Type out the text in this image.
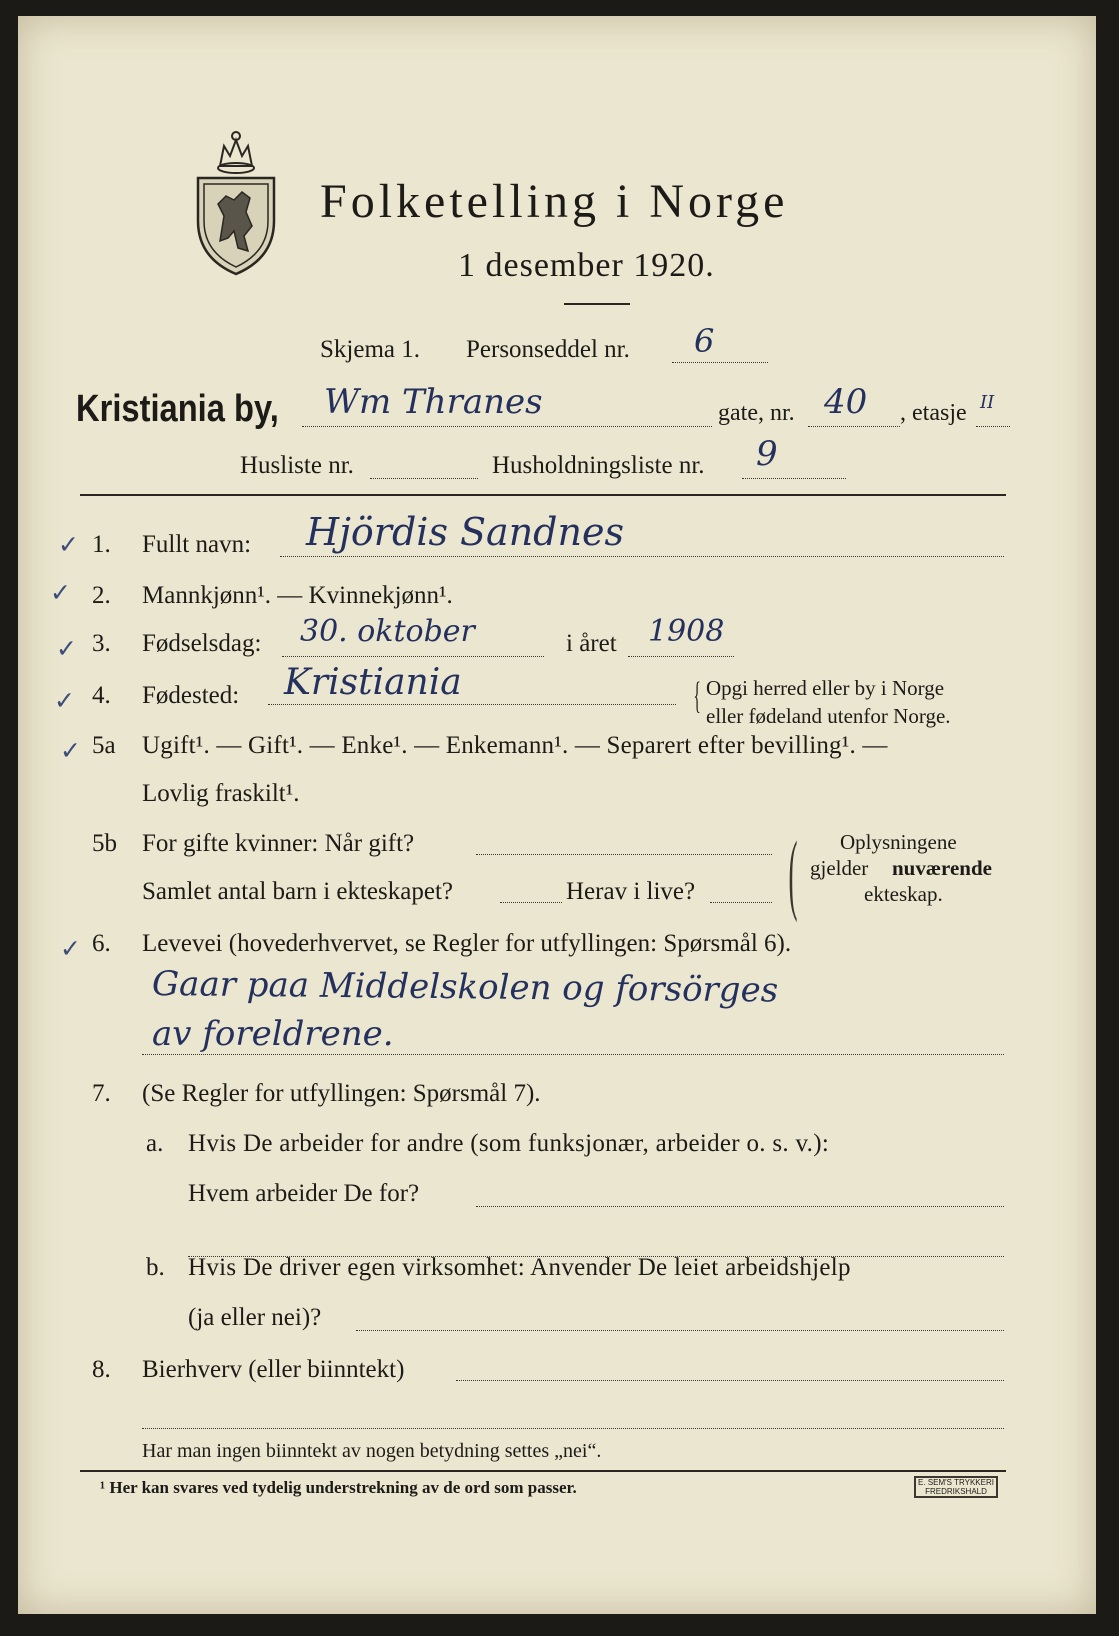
Folketelling i Norge
1 desember 1920.
Skjema 1. Personseddel nr. 6
Kristiania by, Wm Thranes	gate, nr. 40 , etasje II
Husliste nr.	Husholdningsliste nr. 9
✓ 1. Fullt navn: Hjördis Sandnes
✓ 2. Mannkjønn¹. — Kvinnekjønn¹.
✓ 3. Fødselsdag: 30. oktober	i året 1908
✓ 4. Fødested: Kristiania	{ Opgi herred eller by i Norge
eller fødeland utenfor Norge.
✓ 5a Ugift¹. — Gift¹. — Enke¹. — Enkemann¹. — Separert efter bevilling¹. —
Lovlig fraskilt¹.
5b For gifte kvinner: Når gift?
Samlet antal barn i ekteskapet?	Herav i live? ( Oplysningene
gjelder nuværende
ekteskap.
✓ 6. Levevei (hovederhvervet, se Regler for utfyllingen: Spørsmål 6).
Gaar paa Middelskolen og forsörges
av foreldrene.
7. (Se Regler for utfyllingen: Spørsmål 7).
a. Hvis De arbeider for andre (som funksjonær, arbeider o. s. v.):
Hvem arbeider De for?
b. Hvis De driver egen virksomhet: Anvender De leiet arbeidshjelp
(ja eller nei)?
8. Bierhverv (eller biinntekt)
Har man ingen biinntekt av nogen betydning settes „nei“.
¹ Her kan svares ved tydelig understrekning av de ord som passer.	E. SEM'S TRYKKERI FREDRIKSHALD
